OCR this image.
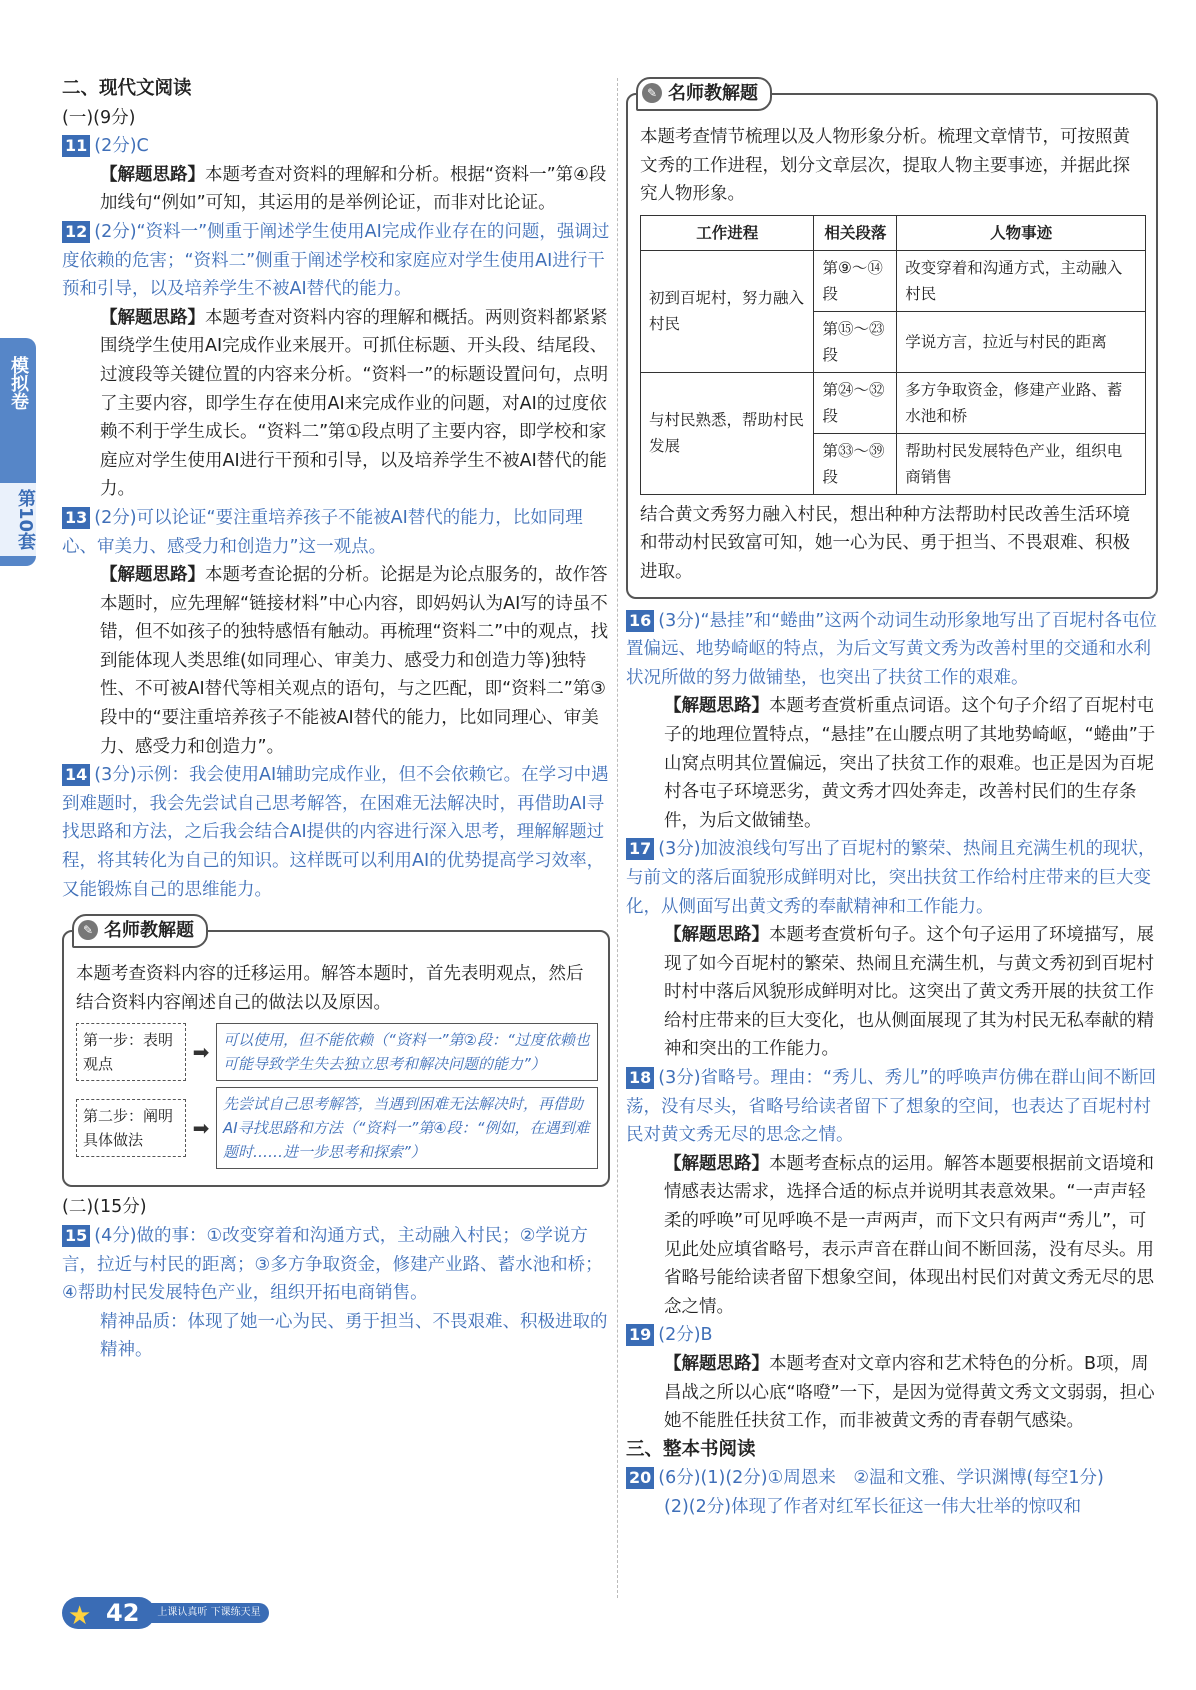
模拟卷
第10套

二、现代文阅读

(一)(9分)

11 (2分)C
【解题思路】本题考查对资料的理解和分析。根据“资料一”第④段加线句“例如”可知，其运用的是举例论证，而非对比论证。
12 (2分)“资料一”侧重于阐述学生使用AI完成作业存在的问题，强调过度依赖的危害；“资料二”侧重于阐述学校和家庭应对学生使用AI进行干预和引导，以及培养学生不被AI替代的能力。
【解题思路】本题考查对资料内容的理解和概括。两则资料都紧紧围绕学生使用AI完成作业来展开。可抓住标题、开头段、结尾段、过渡段等关键位置的内容来分析。“资料一”的标题设置问句，点明了主要内容，即学生存在使用AI来完成作业的问题，对AI的过度依赖不利于学生成长。“资料二”第①段点明了主要内容，即学校和家庭应对学生使用AI进行干预和引导，以及培养学生不被AI替代的能力。
13 (2分)可以论证“要注重培养孩子不能被AI替代的能力，比如同理心、审美力、感受力和创造力”这一观点。
【解题思路】本题考查论据的分析。论据是为论点服务的，故作答本题时，应先理解“链接材料”中心内容，即妈妈认为AI写的诗虽不错，但不如孩子的独特感悟有触动。再梳理“资料二”中的观点，找到能体现人类思维(如同理心、审美力、感受力和创造力等)独特性、不可被AI替代等相关观点的语句，与之匹配，即“资料二”第③段中的“要注重培养孩子不能被AI替代的能力，比如同理心、审美力、感受力和创造力”。
14 (3分)示例：我会使用AI辅助完成作业，但不会依赖它。在学习中遇到难题时，我会先尝试自己思考解答，在困难无法解决时，再借助AI寻找思路和方法，之后我会结合AI提供的内容进行深入思考，理解解题过程，将其转化为自己的知识。这样既可以利用AI的优势提高学习效率，又能锻炼自己的思维能力。
✎ 名师教解题
本题考查资料内容的迁移运用。解答本题时，首先表明观点，然后结合资料内容阐述自己的做法以及原因。
第一步：表明观点
➡ 可以使用，但不能依赖（“资料一”第②段：“过度依赖也可能导致学生失去独立思考和解决问题的能力”）
第二步：阐明具体做法
➡
先尝试自己思考解答，当遇到困难无法解决时，再借助AI寻找思路和方法（“资料一”第④段：“例如，在遇到难题时……进一步思考和探索”）

(二)(15分)

15 (4分)做的事：①改变穿着和沟通方式，主动融入村民；②学说方言，拉近与村民的距离；③多方争取资金，修建产业路、蓄水池和桥；④帮助村民发展特色产业，组织开拓电商销售。
精神品质：体现了她一心为民、勇于担当、不畏艰难、积极进取的精神。
✎ 名师教解题
本题考查情节梳理以及人物形象分析。梳理文章情节，可按照黄文秀的工作进程，划分文章层次，提取人物主要事迹，并据此探究人物形象。
工作进程	相关段落	人物事迹
初到百坭村，努力融入村民	第⑨～⑭段	改变穿着和沟通方式，主动融入村民
	第⑮～㉓段	学说方言，拉近与村民的距离
与村民熟悉，帮助村民发展	第㉔～㉜段	多方争取资金，修建产业路、蓄水池和桥
	第㉝～㊴段	帮助村民发展特色产业，组织电商销售
结合黄文秀努力融入村民，想出种种方法帮助村民改善生活环境和带动村民致富可知，她一心为民、勇于担当、不畏艰难、积极进取。
16 (3分)“悬挂”和“蜷曲”这两个动词生动形象地写出了百坭村各屯位置偏远、地势崎岖的特点，为后文写黄文秀为改善村里的交通和水利状况所做的努力做铺垫，也突出了扶贫工作的艰难。
【解题思路】本题考查赏析重点词语。这个句子介绍了百坭村屯子的地理位置特点，“悬挂”在山腰点明了其地势崎岖，“蜷曲”于山窝点明其位置偏远，突出了扶贫工作的艰难。也正是因为百坭村各屯子环境恶劣，黄文秀才四处奔走，改善村民们的生存条件，为后文做铺垫。
17 (3分)加波浪线句写出了百坭村的繁荣、热闹且充满生机的现状，与前文的落后面貌形成鲜明对比，突出扶贫工作给村庄带来的巨大变化，从侧面写出黄文秀的奉献精神和工作能力。
【解题思路】本题考查赏析句子。这个句子运用了环境描写，展现了如今百坭村的繁荣、热闹且充满生机，与黄文秀初到百坭村时村中落后风貌形成鲜明对比。这突出了黄文秀开展的扶贫工作给村庄带来的巨大变化，也从侧面展现了其为村民无私奉献的精神和突出的工作能力。
18 (3分)省略号。理由：“秀儿、秀儿”的呼唤声仿佛在群山间不断回荡，没有尽头，省略号给读者留下了想象的空间，也表达了百坭村村民对黄文秀无尽的思念之情。
【解题思路】本题考查标点的运用。解答本题要根据前文语境和情感表达需求，选择合适的标点并说明其表意效果。“一声声轻柔的呼唤”可见呼唤不是一声两声，而下文只有两声“秀儿”，可见此处应填省略号，表示声音在群山间不断回荡，没有尽头。用省略号能给读者留下想象空间，体现出村民们对黄文秀无尽的思念之情。
19 (2分)B
【解题思路】本题考查对文章内容和艺术特色的分析。B项，周昌战之所以心底“咯噔”一下，是因为觉得黄文秀文文弱弱，担心她不能胜任扶贫工作，而非被黄文秀的青春朝气感染。

三、整本书阅读

20 (6分)(1)(2分)①周恩来　②温和文雅、学识渊博(每空1分)
(2)(2分)体现了作者对红军长征这一伟大壮举的惊叹和
★ 42	上课认真听 下课练天星
